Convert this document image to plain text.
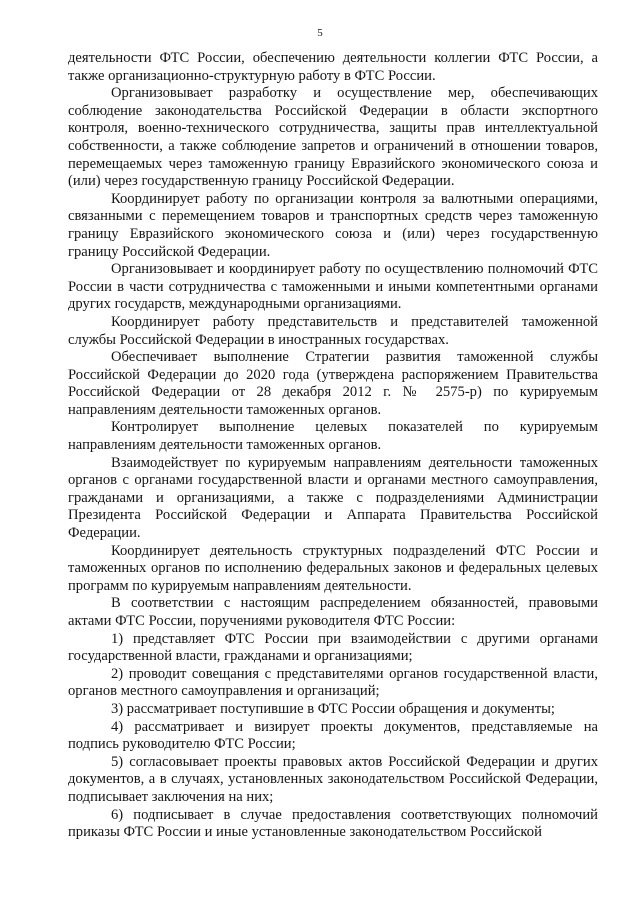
5

деятельности ФТС России, обеспечению деятельности коллегии ФТС России, а также организационно-структурную работу в ФТС России.

Организовывает разработку и осуществление мер, обеспечивающих соблюдение законодательства Российской Федерации в области экспортного контроля, военно-технического сотрудничества, защиты прав интеллектуальной собственности, а также соблюдение запретов и ограничений в отношении товаров, перемещаемых через таможенную границу Евразийского экономического союза и (или) через государственную границу Российской Федерации.

Координирует работу по организации контроля за валютными операциями, связанными с перемещением товаров и транспортных средств через таможенную границу Евразийского экономического союза и (или) через государственную границу Российской Федерации.

Организовывает и координирует работу по осуществлению полномочий ФТС России в части сотрудничества с таможенными и иными компетентными органами других государств, международными организациями.

Координирует работу представительств и представителей таможенной службы Российской Федерации в иностранных государствах.

Обеспечивает выполнение Стратегии развития таможенной службы Российской Федерации до 2020 года (утверждена распоряжением Правительства Российской Федерации от 28 декабря 2012 г. № 2575-р) по курируемым направлениям деятельности таможенных органов.

Контролирует выполнение целевых показателей по курируемым направлениям деятельности таможенных органов.

Взаимодействует по курируемым направлениям деятельности таможенных органов с органами государственной власти и органами местного самоуправления, гражданами и организациями, а также с подразделениями Администрации Президента Российской Федерации и Аппарата Правительства Российской Федерации.

Координирует деятельность структурных подразделений ФТС России и таможенных органов по исполнению федеральных законов и федеральных целевых программ по курируемым направлениям деятельности.

В соответствии с настоящим распределением обязанностей, правовыми актами ФТС России, поручениями руководителя ФТС России:

1) представляет ФТС России при взаимодействии с другими органами государственной власти, гражданами и организациями;

2) проводит совещания с представителями органов государственной власти, органов местного самоуправления и организаций;

3) рассматривает поступившие в ФТС России обращения и документы;

4) рассматривает и визирует проекты документов, представляемые на подпись руководителю ФТС России;

5) согласовывает проекты правовых актов Российской Федерации и других документов, а в случаях, установленных законодательством Российской Федерации, подписывает заключения на них;

6) подписывает в случае предоставления соответствующих полномочий приказы ФТС России и иные установленные законодательством Российской
